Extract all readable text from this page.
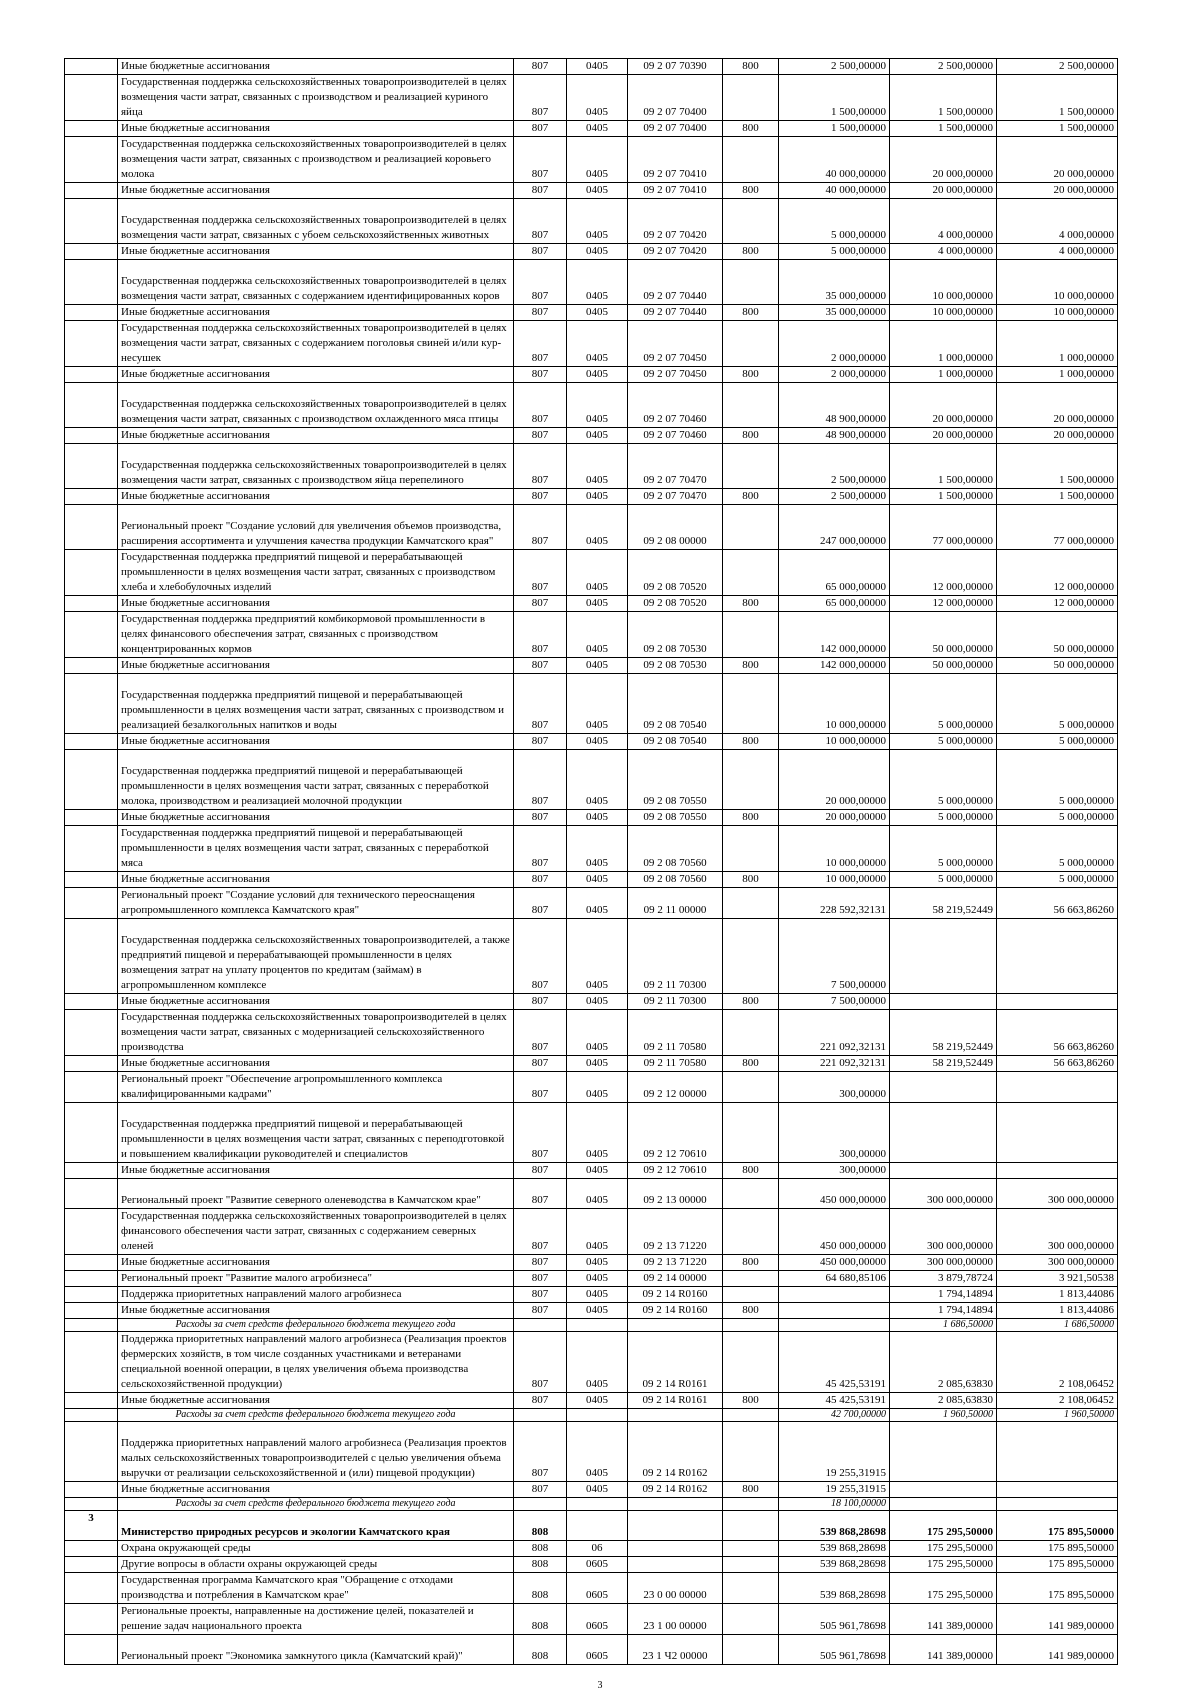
	Иные бюджетные ассигнования	807	0405	09 2 07 70390	800	2 500,00000	2 500,00000	2 500,00000
	Государственная поддержка сельскохозяйственных товаропроизводителей в целях возмещения части затрат, связанных с производством и реализацией куриного яйца	807	0405	09 2 07 70400		1 500,00000	1 500,00000	1 500,00000
	Иные бюджетные ассигнования	807	0405	09 2 07 70400	800	1 500,00000	1 500,00000	1 500,00000
	Государственная поддержка сельскохозяйственных товаропроизводителей в целях возмещения части затрат, связанных с производством и реализацией коровьего молока	807	0405	09 2 07 70410		40 000,00000	20 000,00000	20 000,00000
	Иные бюджетные ассигнования	807	0405	09 2 07 70410	800	40 000,00000	20 000,00000	20 000,00000
	Государственная поддержка сельскохозяйственных товаропроизводителей в целях возмещения части затрат, связанных с убоем сельскохозяйственных животных	807	0405	09 2 07 70420		5 000,00000	4 000,00000	4 000,00000
	Иные бюджетные ассигнования	807	0405	09 2 07 70420	800	5 000,00000	4 000,00000	4 000,00000
	Государственная поддержка сельскохозяйственных товаропроизводителей в целях возмещения части затрат, связанных с содержанием идентифицированных коров	807	0405	09 2 07 70440		35 000,00000	10 000,00000	10 000,00000
	Иные бюджетные ассигнования	807	0405	09 2 07 70440	800	35 000,00000	10 000,00000	10 000,00000
	Государственная поддержка сельскохозяйственных товаропроизводителей в целях возмещения части затрат, связанных с содержанием поголовья свиней и/или кур-несушек	807	0405	09 2 07 70450		2 000,00000	1 000,00000	1 000,00000
	Иные бюджетные ассигнования	807	0405	09 2 07 70450	800	2 000,00000	1 000,00000	1 000,00000
	Государственная поддержка сельскохозяйственных товаропроизводителей в целях возмещения части затрат, связанных с производством охлажденного мяса птицы	807	0405	09 2 07 70460		48 900,00000	20 000,00000	20 000,00000
	Иные бюджетные ассигнования	807	0405	09 2 07 70460	800	48 900,00000	20 000,00000	20 000,00000
	Государственная поддержка сельскохозяйственных товаропроизводителей в целях возмещения части затрат, связанных с производством яйца перепелиного	807	0405	09 2 07 70470		2 500,00000	1 500,00000	1 500,00000
	Иные бюджетные ассигнования	807	0405	09 2 07 70470	800	2 500,00000	1 500,00000	1 500,00000
	Региональный проект "Создание условий для увеличения объемов производства, расширения ассортимента и улучшения качества продукции Камчатского края"	807	0405	09 2 08 00000		247 000,00000	77 000,00000	77 000,00000
	Государственная поддержка предприятий пищевой и перерабатывающей промышленности в целях возмещения части затрат, связанных с производством хлеба и хлебобулочных изделий	807	0405	09 2 08 70520		65 000,00000	12 000,00000	12 000,00000
	Иные бюджетные ассигнования	807	0405	09 2 08 70520	800	65 000,00000	12 000,00000	12 000,00000
	Государственная поддержка предприятий комбикормовой промышленности в целях финансового обеспечения затрат, связанных с производством концентрированных кормов	807	0405	09 2 08 70530		142 000,00000	50 000,00000	50 000,00000
	Иные бюджетные ассигнования	807	0405	09 2 08 70530	800	142 000,00000	50 000,00000	50 000,00000
	Государственная поддержка предприятий пищевой и перерабатывающей промышленности в целях возмещения части затрат, связанных с производством и реализацией безалкогольных напитков и воды	807	0405	09 2 08 70540		10 000,00000	5 000,00000	5 000,00000
	Иные бюджетные ассигнования	807	0405	09 2 08 70540	800	10 000,00000	5 000,00000	5 000,00000
	Государственная поддержка предприятий пищевой и перерабатывающей промышленности в целях возмещения части затрат, связанных с переработкой молока, производством и реализацией молочной продукции	807	0405	09 2 08 70550		20 000,00000	5 000,00000	5 000,00000
	Иные бюджетные ассигнования	807	0405	09 2 08 70550	800	20 000,00000	5 000,00000	5 000,00000
	Государственная поддержка предприятий пищевой и перерабатывающей промышленности в целях возмещения части затрат, связанных с переработкой мяса	807	0405	09 2 08 70560		10 000,00000	5 000,00000	5 000,00000
	Иные бюджетные ассигнования	807	0405	09 2 08 70560	800	10 000,00000	5 000,00000	5 000,00000
	Региональный проект "Создание условий для технического переоснащения агропромышленного комплекса Камчатского края"	807	0405	09 2 11 00000		228 592,32131	58 219,52449	56 663,86260
	Государственная поддержка сельскохозяйственных товаропроизводителей, а также предприятий пищевой и перерабатывающей промышленности в целях возмещения затрат на уплату процентов по кредитам (займам) в агропромышленном комплексе	807	0405	09 2 11 70300		7 500,00000		
	Иные бюджетные ассигнования	807	0405	09 2 11 70300	800	7 500,00000		
	Государственная поддержка сельскохозяйственных товаропроизводителей в целях возмещения части затрат, связанных с модернизацией сельскохозяйственного производства	807	0405	09 2 11 70580		221 092,32131	58 219,52449	56 663,86260
	Иные бюджетные ассигнования	807	0405	09 2 11 70580	800	221 092,32131	58 219,52449	56 663,86260
	Региональный проект "Обеспечение агропромышленного комплекса квалифицированными кадрами"	807	0405	09 2 12 00000		300,00000		
	Государственная поддержка предприятий пищевой и перерабатывающей промышленности в целях возмещения части затрат, связанных с переподготовкой и повышением квалификации руководителей и специалистов	807	0405	09 2 12 70610		300,00000		
	Иные бюджетные ассигнования	807	0405	09 2 12 70610	800	300,00000		
	Региональный проект "Развитие северного оленеводства в Камчатском крае"	807	0405	09 2 13 00000		450 000,00000	300 000,00000	300 000,00000
	Государственная поддержка сельскохозяйственных товаропроизводителей в целях финансового обеспечения части затрат, связанных с содержанием северных оленей	807	0405	09 2 13 71220		450 000,00000	300 000,00000	300 000,00000
	Иные бюджетные ассигнования	807	0405	09 2 13 71220	800	450 000,00000	300 000,00000	300 000,00000
	Региональный проект "Развитие малого агробизнеса"	807	0405	09 2 14 00000		64 680,85106	3 879,78724	3 921,50538
	Поддержка приоритетных направлений малого агробизнеса	807	0405	09 2 14 R0160			1 794,14894	1 813,44086
	Иные бюджетные ассигнования	807	0405	09 2 14 R0160	800		1 794,14894	1 813,44086
	Расходы за счет средств федерального бюджета текущего года						1 686,50000	1 686,50000
	Поддержка приоритетных направлений малого агробизнеса (Реализация проектов фермерских хозяйств, в том числе созданных участниками и ветеранами специальной военной операции, в целях увеличения объема производства сельскохозяйственной продукции)	807	0405	09 2 14 R0161		45 425,53191	2 085,63830	2 108,06452
	Иные бюджетные ассигнования	807	0405	09 2 14 R0161	800	45 425,53191	2 085,63830	2 108,06452
	Расходы за счет средств федерального бюджета текущего года					42 700,00000	1 960,50000	1 960,50000
	Поддержка приоритетных направлений малого агробизнеса (Реализация проектов малых сельскохозяйственных товаропроизводителей с целью увеличения объема выручки от реализации сельскохозяйственной и (или) пищевой продукции)	807	0405	09 2 14 R0162		19 255,31915		
	Иные бюджетные ассигнования	807	0405	09 2 14 R0162	800	19 255,31915		
	Расходы за счет средств федерального бюджета текущего года					18 100,00000		
3	Министерство природных ресурсов и экологии Камчатского края	808				539 868,28698	175 295,50000	175 895,50000
	Охрана окружающей среды	808	06			539 868,28698	175 295,50000	175 895,50000
	Другие вопросы в области охраны окружающей среды	808	0605			539 868,28698	175 295,50000	175 895,50000
	Государственная программа Камчатского края "Обращение с отходами производства и потребления в Камчатском крае"	808	0605	23 0 00 00000		539 868,28698	175 295,50000	175 895,50000
	Региональные проекты, направленные на достижение целей, показателей и решение задач национального проекта	808	0605	23 1 00 00000		505 961,78698	141 389,00000	141 989,00000
	Региональный проект "Экономика замкнутого цикла (Камчатский край)"	808	0605	23 1 Ч2 00000		505 961,78698	141 389,00000	141 989,00000
3
